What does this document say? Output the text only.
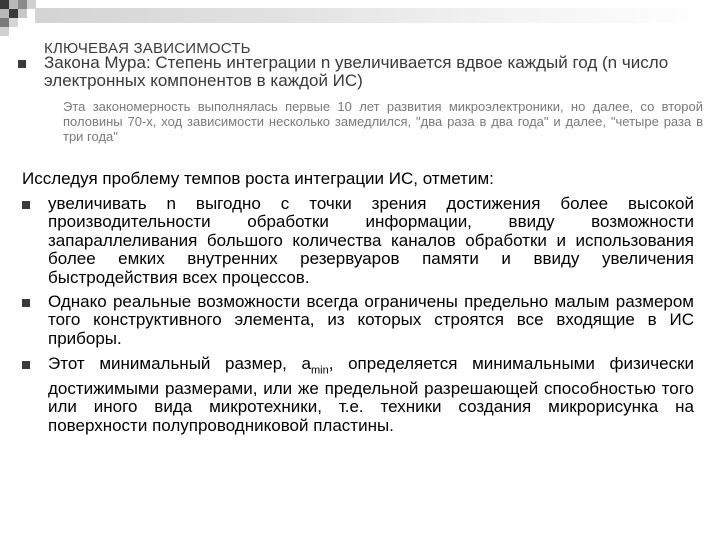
КЛЮЧЕВАЯ ЗАВИСИМОСТЬ
Закона Мура: Степень интеграции n увеличивается вдвое каждый год (n число электронных компонентов в каждой ИС)
Эта закономерность выполнялась первые 10 лет развития микроэлектроники, но далее, со второй половины 70-х, ход зависимости несколько замедлился, "два раза в два года" и далее, "четыре раза в три года"
Исследуя проблему темпов роста интеграции ИС, отметим:
увеличивать n выгодно с точки зрения достижения более высокой производительности обработки информации, ввиду возможности запараллеливания большого количества каналов обработки и использования более емких внутренних резервуаров памяти и ввиду увеличения быстродействия всех процессов.
Однако реальные возможности всегда ограничены предельно малым размером того конструктивного элемента, из которых строятся все входящие в ИС приборы.
Этот минимальный размер, $a_{min}$, определяется минимальными физически достижимыми размерами, или же предельной разрешающей способностью того или иного вида микротехники, т.е. техники создания микрорисунка на поверхности полупроводниковой пластины.
